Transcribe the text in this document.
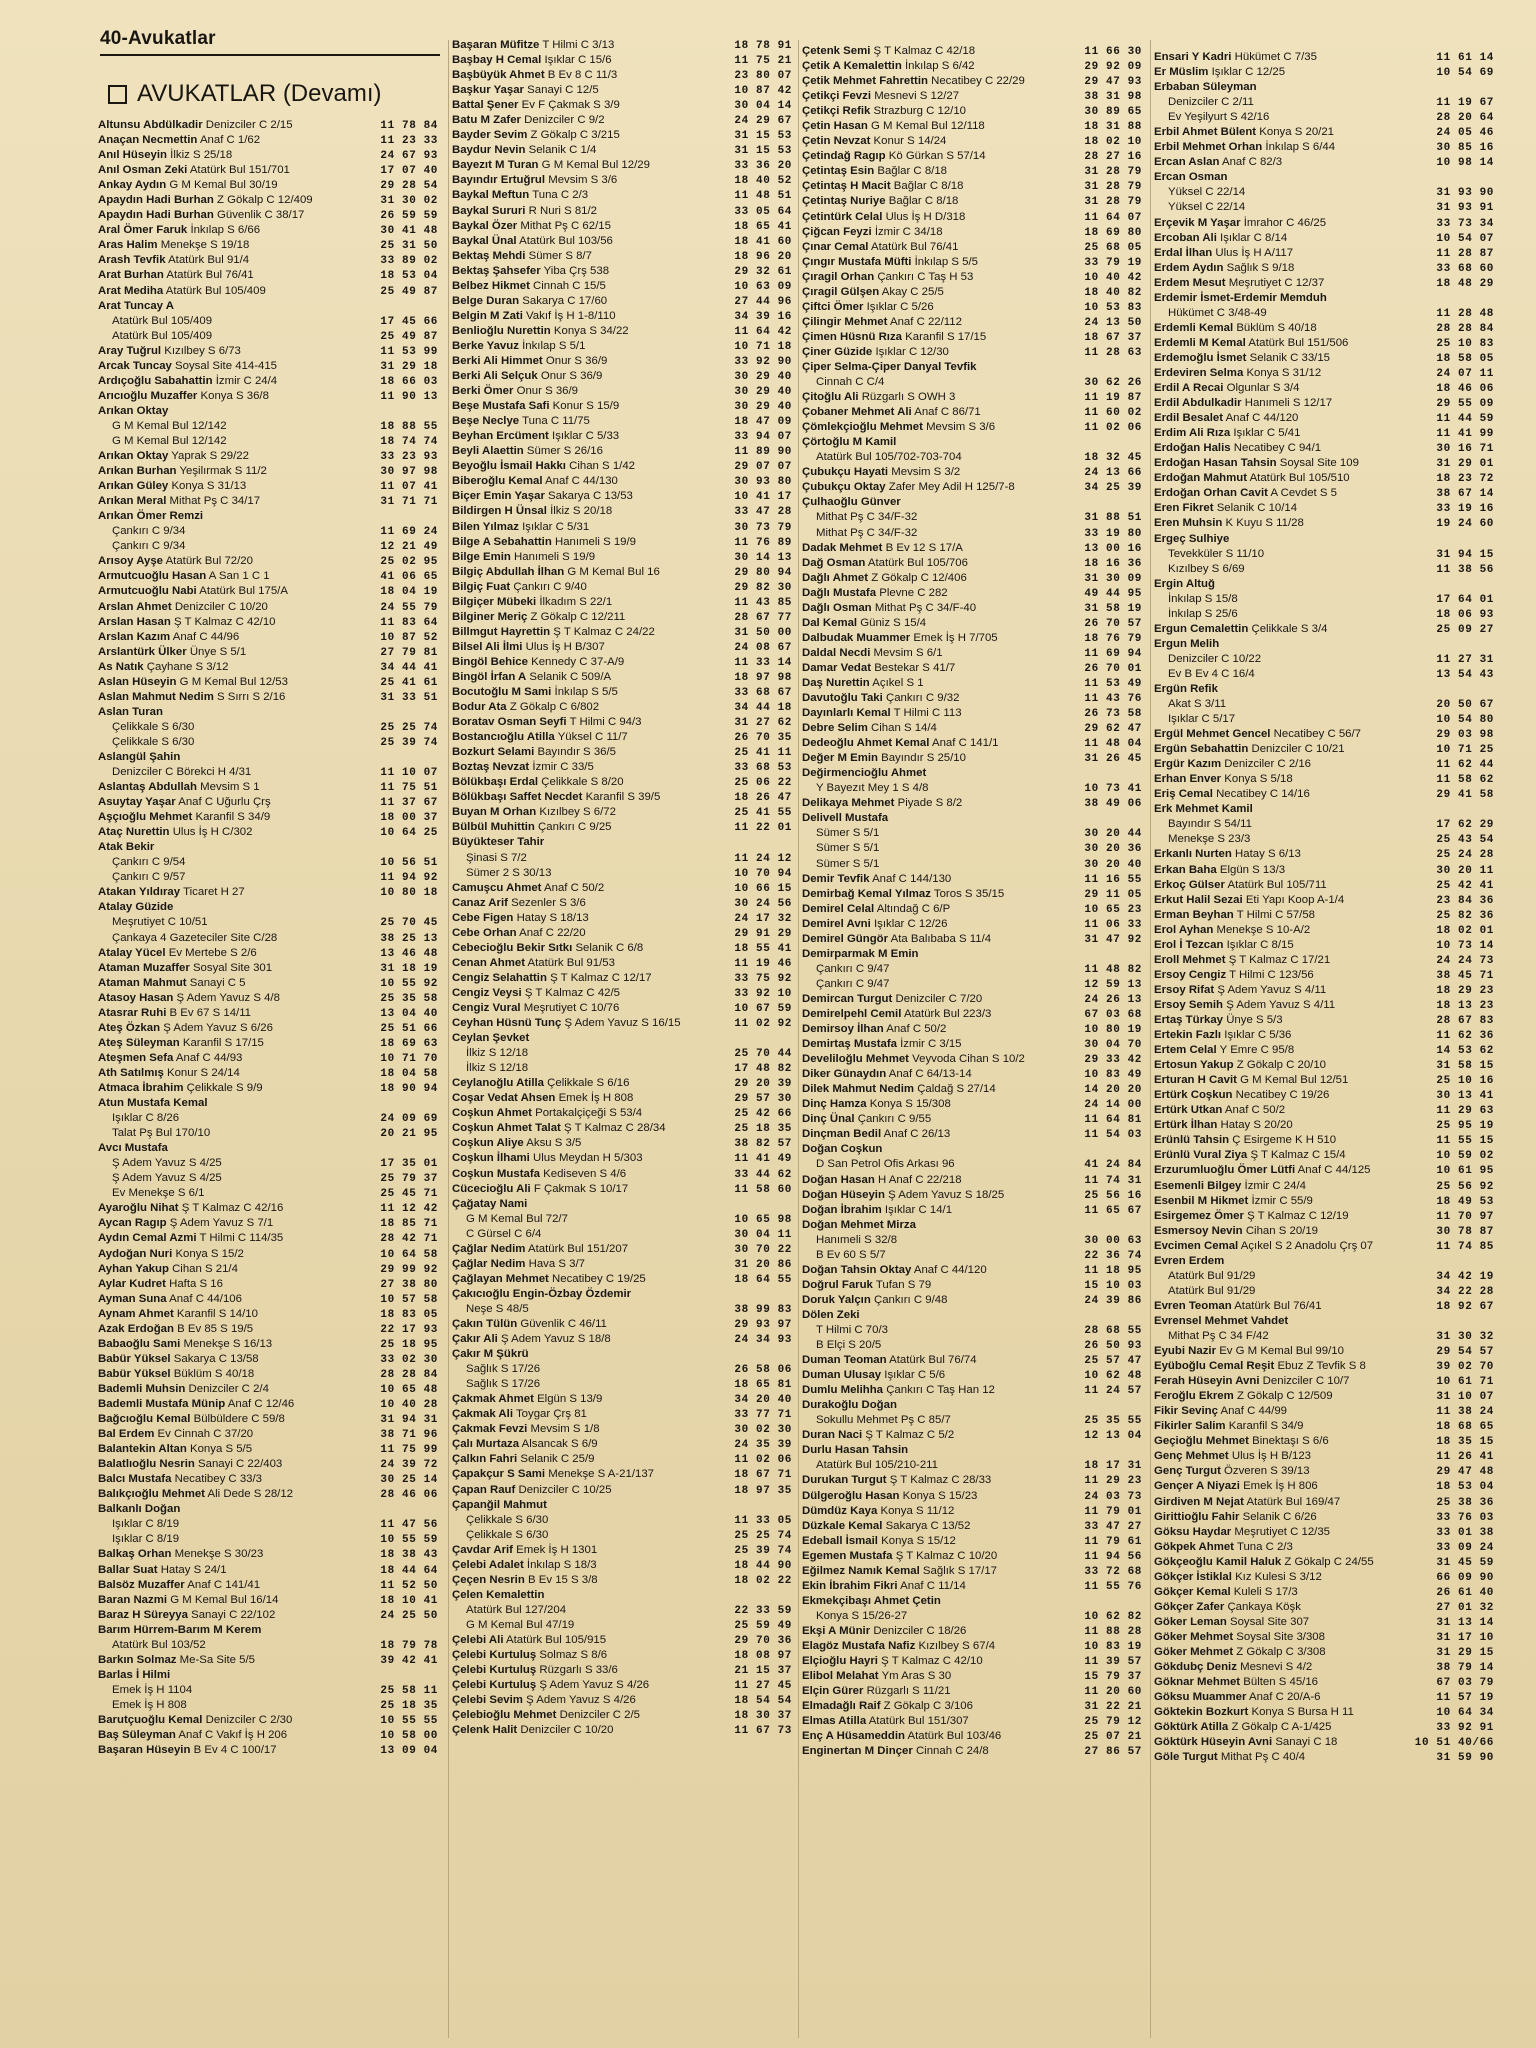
40-Avukatlar
AVUKATLAR (Devamı)
Altunsu Abdülkadir Denizciler C 2/15	11 78 84
Anaçan Necmettin Anaf C 1/62	11 23 33
Anıl Hüseyin İlkiz S 25/18	24 67 93
Anıl Osman Zeki Atatürk Bul 151/701	17 07 40
Ankay Aydın G M Kemal Bul 30/19	29 28 54
Apaydın Hadi Burhan Z Gökalp C 12/409	31 30 02
Apaydın Hadi Burhan Güvenlik C 38/17	26 59 59
Aral Ömer Faruk İnkılap S 6/66	30 41 48
Aras Halim Menekşe S 19/18	25 31 50
Arash Tevfik Atatürk Bul 91/4	33 89 02
Arat Burhan Atatürk Bul 76/41	18 53 04
Arat Mediha Atatürk Bul 105/409	25 49 87
Arat Tuncay A
Atatürk Bul 105/409	17 45 66
Atatürk Bul 105/409	25 49 87
Aray Tuğrul Kızılbey S 6/73	11 53 99
Arcak Tuncay Soysal Site 414-415	31 29 18
Ardıçoğlu Sabahattin İzmir C 24/4	18 66 03
Arıcıoğlu Muzaffer Konya S 36/8	11 90 13
Arıkan Oktay
G M Kemal Bul 12/142	18 88 55
G M Kemal Bul 12/142	18 74 74
Arıkan Oktay Yaprak S 29/22	33 23 93
Arıkan Burhan Yeşilırmak S 11/2	30 97 98
Arıkan Güley Konya S 31/13	11 07 41
Arıkan Meral Mithat Pş C 34/17	31 71 71
Arıkan Ömer Remzi
Çankırı C 9/34	11 69 24
Çankırı C 9/34	12 21 49
Arısoy Ayşe Atatürk Bul 72/20	25 02 95
Armutcuoğlu Hasan A San 1 C 1	41 06 65
Armutcuoğlu Nabi Atatürk Bul 175/A	18 04 19
Arslan Ahmet Denizciler C 10/20	24 55 79
Arslan Hasan Ş T Kalmaz C 42/10	11 83 64
Arslan Kazım Anaf C 44/96	10 87 52
Arslantürk Ülker Ünye S 5/1	27 79 81
As Natık Çayhane S 3/12	34 44 41
Aslan Hüseyin G M Kemal Bul 12/53	25 41 61
Aslan Mahmut Nedim S Sırrı S 2/16	31 33 51
Aslan Turan
Çelikkale S 6/30	25 25 74
Çelikkale S 6/30	25 39 74
Aslangül Şahin
Denizciler C Börekci H 4/31	11 10 07
Aslantaş Abdullah Mevsim S 1	11 75 51
Asuytay Yaşar Anaf C Uğurlu Çrş	11 37 67
Aşçıoğlu Mehmet Karanfil S 34/9	18 00 37
Ataç Nurettin Ulus İş H C/302	10 64 25
Atak Bekir
Çankırı C 9/54	10 56 51
Çankırı C 9/57	11 94 92
Atakan Yıldıray Ticaret H 27	10 80 18
Atalay Güzide
Meşrutiyet C 10/51	25 70 45
Çankaya 4 Gazeteciler Site C/28	38 25 13
Atalay Yücel Ev Mertebe S 2/6	13 46 48
Ataman Muzaffer Sosyal Site 301	31 18 19
Ataman Mahmut Sanayi C 5	10 55 92
Atasoy Hasan Ş Adem Yavuz S 4/8	25 35 58
Atasrar Ruhi B Ev 67 S 14/11	13 04 40
Ateş Özkan Ş Adem Yavuz S 6/26	25 51 66
Ateş Süleyman Karanfil S 17/15	18 69 63
Ateşmen Sefa Anaf C 44/93	10 71 70
Ath Satılmış Konur S 24/14	18 04 58
Atmaca İbrahim Çelikkale S 9/9	18 90 94
Atun Mustafa Kemal
Işıklar C 8/26	24 09 69
Talat Pş Bul 170/10	20 21 95
Avcı Mustafa
Ş Adem Yavuz S 4/25	17 35 01
Ş Adem Yavuz S 4/25	25 79 37
Ev Menekşe S 6/1	25 45 71
Ayaroğlu Nihat Ş T Kalmaz C 42/16	11 12 42
Aycan Ragıp Ş Adem Yavuz S 7/1	18 85 71
Aydın Cemal Azmi T Hilmi C 114/35	28 42 71
Aydoğan Nuri Konya S 15/2	10 64 58
Ayhan Yakup Cihan S 21/4	29 99 92
Aylar Kudret Hafta S 16	27 38 80
Ayman Suna Anaf C 44/106	10 57 58
Aynam Ahmet Karanfil S 14/10	18 83 05
Azak Erdoğan B Ev 85 S 19/5	22 17 93
Babaoğlu Sami Menekşe S 16/13	25 18 95
Babür Yüksel Sakarya C 13/58	33 02 30
Babür Yüksel Büklüm S 40/18	28 28 84
Bademli Muhsin Denizciler C 2/4	10 65 48
Bademli Mustafa Münip Anaf C 12/46	10 40 28
Bağcıoğlu Kemal Bülbüldere C 59/8	31 94 31
Bal Erdem Ev Cinnah C 37/20	38 71 96
Balantekin Altan Konya S 5/5	11 75 99
Balatlıoğlu Nesrin Sanayi C 22/403	24 39 72
Balcı Mustafa Necatibey C 33/3	30 25 14
Balıkçıoğlu Mehmet Ali Dede S 28/12	28 46 06
Balkanlı Doğan
Işıklar C 8/19	11 47 56
Işıklar C 8/19	10 55 59
Balkaş Orhan Menekşe S 30/23	18 38 43
Ballar Suat Hatay S 24/1	18 44 64
Balsöz Muzaffer Anaf C 141/41	11 52 50
Baran Nazmi G M Kemal Bul 16/14	18 10 41
Baraz H Süreyya Sanayi C 22/102	24 25 50
Barım Hürrem-Barım M Kerem
Atatürk Bul 103/52	18 79 78
Barkın Solmaz Me-Sa Site 5/5	39 42 41
Barlas İ Hilmi
Emek İş H 1104	25 58 11
Emek İş H 808	25 18 35
Barutçuoğlu Kemal Denizciler C 2/30	10 55 55
Baş Süleyman Anaf C Vakıf İş H 206	10 58 00
Başaran Hüseyin B Ev 4 C 100/17	13 09 04
Başaran Müfitze T Hilmi C 3/13	18 78 91
Başbay H Cemal Işıklar C 15/6	11 75 21
Başbüyük Ahmet B Ev 8 C 11/3	23 80 07
Başkur Yaşar Sanayi C 12/5	10 87 42
Battal Şener Ev F Çakmak S 3/9	30 04 14
Batu M Zafer Denizciler C 9/2	24 29 67
Bayder Sevim Z Gökalp C 3/215	31 15 53
Baydur Nevin Selanik C 1/4	31 15 53
Bayezıt M Turan G M Kemal Bul 12/29	33 36 20
Bayındır Ertuğrul Mevsim S 3/6	18 40 52
Baykal Meftun Tuna C 2/3	11 48 51
Baykal Sururi R Nuri S 81/2	33 05 64
Baykal Özer Mithat Pş C 62/15	18 65 41
Baykal Ünal Atatürk Bul 103/56	18 41 60
Bektaş Mehdi Sümer S 8/7	18 96 20
Bektaş Şahsefer Yiba Çrş 538	29 32 61
Belbez Hikmet Cinnah C 15/5	10 63 09
Belge Duran Sakarya C 17/60	27 44 96
Belgin M Zati Vakıf İş H 1-8/110	34 39 16
Benlioğlu Nurettin Konya S 34/22	11 64 42
Berke Yavuz İnkılap S 5/1	10 71 18
Berki Ali Himmet Onur S 36/9	33 92 90
Berki Ali Selçuk Onur S 36/9	30 29 40
Berki Ömer Onur S 36/9	30 29 40
Beşe Mustafa Safi Konur S 15/9	30 29 40
Beşe Neclye Tuna C 11/75	18 47 09
Beyhan Ercüment Işıklar C 5/33	33 94 07
Beyli Alaettin Sümer S 26/16	11 89 90
Beyoğlu İsmail Hakkı Cihan S 1/42	29 07 07
Biberoğlu Kemal Anaf C 44/130	30 93 80
Biçer Emin Yaşar Sakarya C 13/53	10 41 17
Bildirgen H Ünsal İlkiz S 20/18	33 47 28
Bilen Yılmaz Işıklar C 5/31	30 73 79
Bilge A Sebahattin Hanımeli S 19/9	11 76 89
Bilge Emin Hanımeli S 19/9	30 14 13
Bilgiç Abdullah İlhan G M Kemal Bul 16	29 80 94
Bilgiç Fuat Çankırı C 9/40	29 82 30
Bilgiçer Mübeki İlkadım S 22/1	11 43 85
Bilginer Meriç Z Gökalp C 12/211	28 67 77
Billmgut Hayrettin Ş T Kalmaz C 24/22	31 50 00
Bilsel Ali İlmi Ulus İş H B/307	24 08 67
Bingöl Behice Kennedy C 37-A/9	11 33 14
Bingöl İrfan A Selanik C 509/A	18 97 98
Bocutoğlu M Sami İnkılap S 5/5	33 68 67
Bodur Ata Z Gökalp C 6/802	34 44 18
Boratav Osman Seyfi T Hilmi C 94/3	31 27 62
Bostancıoğlu Atilla Yüksel C 11/7	26 70 35
Bozkurt Selami Bayındır S 36/5	25 41 11
Boztaş Nevzat İzmir C 33/5	33 68 53
Bölükbaşı Erdal Çelikkale S 8/20	25 06 22
Bölükbaşı Saffet Necdet Karanfil S 39/5	18 26 47
Buyan M Orhan Kızılbey S 6/72	25 41 55
Bülbül Muhittin Çankırı C 9/25	11 22 01
Büyükteser Tahir
Şinasi S 7/2	11 24 12
Sümer 2 S 30/13	10 70 94
Camuşcu Ahmet Anaf C 50/2	10 66 15
Canaz Arif Sezenler S 3/6	30 24 56
Cebe Figen Hatay S 18/13	24 17 32
Cebe Orhan Anaf C 22/20	29 91 29
Cebecioğlu Bekir Sıtkı Selanik C 6/8	18 55 41
Cenan Ahmet Atatürk Bul 91/53	11 19 46
Cengiz Selahattin Ş T Kalmaz C 12/17	33 75 92
Cengiz Veysi Ş T Kalmaz C 42/5	33 92 10
Cengiz Vural Meşrutiyet C 10/76	10 67 59
Ceyhan Hüsnü Tunç Ş Adem Yavuz S 16/15	11 02 92
Ceylan Şevket
İlkiz S 12/18	25 70 44
İlkiz S 12/18	17 48 82
Ceylanoğlu Atilla Çelikkale S 6/16	29 20 39
Coşar Vedat Ahsen Emek İş H 808	29 57 30
Coşkun Ahmet Portakalçiçeği S 53/4	25 42 66
Coşkun Ahmet Talat Ş T Kalmaz C 28/34	25 18 35
Coşkun Aliye Aksu S 3/5	38 82 57
Coşkun İlhami Ulus Meydan H 5/303	11 41 49
Coşkun Mustafa Kediseven S 4/6	33 44 62
Cücecioğlu Ali F Çakmak S 10/17	11 58 60
Çağatay Nami
G M Kemal Bul 72/7	10 65 98
C Gürsel C 6/4	30 04 11
Çağlar Nedim Atatürk Bul 151/207	30 70 22
Çağlar Nedim Hava S 3/7	31 20 86
Çağlayan Mehmet Necatibey C 19/25	18 64 55
Çakıcıoğlu Engin-Özbay Özdemir
Neşe S 48/5	38 99 83
Çakın Tülün Güvenlik C 46/11	29 93 97
Çakır Ali Ş Adem Yavuz S 18/8	24 34 93
Çakır M Şükrü
Sağlık S 17/26	26 58 06
Sağlık S 17/26	18 65 81
Çakmak Ahmet Elgün S 13/9	34 20 40
Çakmak Ali Toygar Çrş 81	33 77 71
Çakmak Fevzi Mevsim S 1/8	30 02 30
Çalı Murtaza Alsancak S 6/9	24 35 39
Çalkın Fahri Selanik C 25/9	11 02 06
Çapakçur S Sami Menekşe S A-21/137	18 67 71
Çapan Rauf Denizciler C 10/25	18 97 35
Çapanğil Mahmut
Çelikkale S 6/30	11 33 05
Çelikkale S 6/30	25 25 74
Çavdar Arif Emek İş H 1301	25 39 74
Çelebi Adalet İnkılap S 18/3	18 44 90
Çeçen Nesrin B Ev 15 S 3/8	18 02 22
Çelen Kemalettin
Atatürk Bul 127/204	22 33 59
G M Kemal Bul 47/19	25 59 49
Çelebi Ali Atatürk Bul 105/915	29 70 36
Çelebi Kurtuluş Solmaz S 8/6	18 08 97
Çelebi Kurtuluş Rüzgarlı S 33/6	21 15 37
Çelebi Kurtuluş Ş Adem Yavuz S 4/26	11 27 45
Çelebi Sevim Ş Adem Yavuz S 4/26	18 54 54
Çelebioğlu Mehmet Denizciler C 2/5	18 30 37
Çelenk Halit Denizciler C 10/20	11 67 73
Çetenk Semi Ş T Kalmaz C 42/18	11 66 30
Çetik A Kemalettin İnkılap S 6/42	29 92 09
Çetik Mehmet Fahrettin Necatibey C 22/29	29 47 93
Çetikçi Fevzi Mesnevi S 12/27	38 31 98
Çetikçi Refik Strazburg C 12/10	30 89 65
Çetin Hasan G M Kemal Bul 12/118	18 31 88
Çetin Nevzat Konur S 14/24	18 02 10
Çetindağ Ragıp Kö Gürkan S 57/14	28 27 16
Çetintaş Esin Bağlar C 8/18	31 28 79
Çetintaş H Macit Bağlar C 8/18	31 28 79
Çetintaş Nuriye Bağlar C 8/18	31 28 79
Çetintürk Celal Ulus İş H D/318	11 64 07
Çiğcan Feyzi İzmir C 34/18	18 69 80
Çınar Cemal Atatürk Bul 76/41	25 68 05
Çıngır Mustafa Müfti İnkılap S 5/5	33 79 19
Çıragil Orhan Çankırı C Taş H 53	10 40 42
Çıragil Gülşen Akay C 25/5	18 40 82
Çiftci Ömer Işıklar C 5/26	10 53 83
Çilingir Mehmet Anaf C 22/112	24 13 50
Çimen Hüsnü Rıza Karanfil S 17/15	18 67 37
Çiner Güzide Işıklar C 12/30	11 28 63
Çiper Selma-Çiper Danyal Tevfik
Cinnah C C/4	30 62 26
Çitoğlu Ali Rüzgarlı S OWH 3	11 19 87
Çobaner Mehmet Ali Anaf C 86/71	11 60 02
Çömlekçioğlu Mehmet Mevsim S 3/6	11 02 06
Çörtoğlu M Kamil
Atatürk Bul 105/702-703-704	18 32 45
Çubukçu Hayati Mevsim S 3/2	24 13 66
Çubukçu Oktay Zafer Mey Adil H 125/7-8	34 25 39
Çulhaoğlu Günver
Mithat Pş C 34/F-32	31 88 51
Mithat Pş C 34/F-32	33 19 80
Dadak Mehmet B Ev 12 S 17/A	13 00 16
Dağ Osman Atatürk Bul 105/706	18 16 36
Dağlı Ahmet Z Gökalp C 12/406	31 30 09
Dağlı Mustafa Plevne C 282	49 44 95
Dağlı Osman Mithat Pş C 34/F-40	31 58 19
Dal Kemal Güniz S 15/4	26 70 57
Dalbudak Muammer Emek İş H 7/705	18 76 79
Daldal Necdi Mevsim S 6/1	11 69 94
Damar Vedat Bestekar S 41/7	26 70 01
Daş Nurettin Açıkel S 1	11 53 49
Davutoğlu Taki Çankırı C 9/32	11 43 76
Dayınlarlı Kemal T Hilmi C 113	26 73 58
Debre Selim Cihan S 14/4	29 62 47
Dedeoğlu Ahmet Kemal Anaf C 141/1	11 48 04
Değer M Emin Bayındır S 25/10	31 26 45
Değirmencioğlu Ahmet
Y Bayezıt Mey 1 S 4/8	10 73 41
Delikaya Mehmet Piyade S 8/2	38 49 06
Delivell Mustafa
Sümer S 5/1	30 20 44
Sümer S 5/1	30 20 36
Sümer S 5/1	30 20 40
Demir Tevfik Anaf C 144/130	11 16 55
Demirbağ Kemal Yılmaz Toros S 35/15	29 11 05
Demirel Celal Altındağ C 6/P	10 65 23
Demirel Avni Işıklar C 12/26	11 06 33
Demirel Güngör Ata Balıbaba S 11/4	31 47 92
Demirparmak M Emin
Çankırı C 9/47	11 48 82
Çankırı C 9/47	12 59 13
Demircan Turgut Denizciler C 7/20	24 26 13
Demirelpehl Cemil Atatürk Bul 223/3	67 03 68
Demirsoy İlhan Anaf C 50/2	10 80 19
Demirtaş Mustafa İzmir C 3/15	30 04 70
Develiloğlu Mehmet Veyvoda Cihan S 10/2	29 33 42
Diker Günaydın Anaf C 64/13-14	10 83 49
Dilek Mahmut Nedim Çaldağ S 27/14	14 20 20
Dinç Hamza Konya S 15/308	24 14 00
Dinç Ünal Çankırı C 9/55	11 64 81
Dinçman Bedil Anaf C 26/13	11 54 03
Doğan Coşkun
D San Petrol Ofis Arkası 96	41 24 84
Doğan Hasan H Anaf C 22/218	11 74 31
Doğan Hüseyin Ş Adem Yavuz S 18/25	25 56 16
Doğan İbrahim Işıklar C 14/1	11 65 67
Doğan Mehmet Mirza
Hanımeli S 32/8	30 00 63
B Ev 60 S 5/7	22 36 74
Doğan Tahsin Oktay Anaf C 44/120	11 18 95
Doğrul Faruk Tufan S 79	15 10 03
Doruk Yalçın Çankırı C 9/48	24 39 86
Dölen Zeki
T Hilmi C 70/3	28 68 55
B Elçi S 20/5	26 50 93
Duman Teoman Atatürk Bul 76/74	25 57 47
Duman Ulusay Işıklar C 5/6	10 62 48
Dumlu Melihha Çankırı C Taş Han 12	11 24 57
Durakoğlu Doğan
Sokullu Mehmet Pş C 85/7	25 35 55
Duran Naci Ş T Kalmaz C 5/2	12 13 04
Durlu Hasan Tahsin
Atatürk Bul 105/210-211	18 17 31
Durukan Turgut Ş T Kalmaz C 28/33	11 29 23
Dülgeroğlu Hasan Konya S 15/23	24 03 73
Dümdüz Kaya Konya S 11/12	11 79 01
Düzkale Kemal Sakarya C 13/52	33 47 27
Edeball İsmail Konya S 15/12	11 79 61
Egemen Mustafa Ş T Kalmaz C 10/20	11 94 56
Eğilmez Namık Kemal Sağlık S 17/17	33 72 68
Ekin İbrahim Fikri Anaf C 11/14	11 55 76
Ekmekçibaşı Ahmet Çetin
Konya S 15/26-27	10 62 82
Ekşi A Münir Denizciler C 18/26	11 88 28
Elagöz Mustafa Nafiz Kızılbey S 67/4	10 83 19
Elçioğlu Hayri Ş T Kalmaz C 42/10	11 39 57
Elibol Melahat Ym Aras S 30	15 79 37
Elçin Gürer Rüzgarlı S 11/21	11 20 60
Elmadağlı Raif Z Gökalp C 3/106	31 22 21
Elmas Atilla Atatürk Bul 151/307	25 79 12
Enç A Hüsameddin Atatürk Bul 103/46	25 07 21
Enginertan M Dinçer Cinnah C 24/8	27 86 57
Ensari Y Kadri Hükümet C 7/35	11 61 14
Er Müslim Işıklar C 12/25	10 54 69
Erbaban Süleyman
Denizciler C 2/11	11 19 67
Ev Yeşilyurt S 42/16	28 20 64
Erbil Ahmet Bülent Konya S 20/21	24 05 46
Erbil Mehmet Orhan İnkılap S 6/44	30 85 16
Ercan Aslan Anaf C 82/3	10 98 14
Ercan Osman
Yüksel C 22/14	31 93 90
Yüksel C 22/14	31 93 91
Erçevik M Yaşar İmrahor C 46/25	33 73 34
Ercoban Ali Işıklar C 8/14	10 54 07
Erdal İlhan Ulus İş H A/117	11 28 87
Erdem Aydın Sağlık S 9/18	33 68 60
Erdem Mesut Meşrutiyet C 12/37	18 48 29
Erdemir İsmet-Erdemir Memduh
Hükümet C 3/48-49	11 28 48
Erdemli Kemal Büklüm S 40/18	28 28 84
Erdemli M Kemal Atatürk Bul 151/506	25 10 83
Erdemoğlu İsmet Selanik C 33/15	18 58 05
Erdeviren Selma Konya S 31/12	24 07 11
Erdil A Recai Olgunlar S 3/4	18 46 06
Erdil Abdulkadir Hanımeli S 12/17	29 55 09
Erdil Besalet Anaf C 44/120	11 44 59
Erdim Ali Rıza Işıklar C 5/41	11 41 99
Erdoğan Halis Necatibey C 94/1	30 16 71
Erdoğan Hasan Tahsin Soysal Site 109	31 29 01
Erdoğan Mahmut Atatürk Bul 105/510	18 23 72
Erdoğan Orhan Cavit A Cevdet S 5	38 67 14
Eren Fikret Selanik C 10/14	33 19 16
Eren Muhsin K Kuyu S 11/28	19 24 60
Ergeç Sulhiye
Tevekküler S 11/10	31 94 15
Kızılbey S 6/69	11 38 56
Ergin Altuğ
İnkılap S 15/8	17 64 01
İnkılap S 25/6	18 06 93
Ergun Cemalettin Çelikkale S 3/4	25 09 27
Ergun Melih
Denizciler C 10/22	11 27 31
Ev B Ev 4 C 16/4	13 54 43
Ergün Refik
Akat S 3/11	20 50 67
Işıklar C 5/17	10 54 80
Ergül Mehmet Gencel Necatibey C 56/7	29 03 98
Ergün Sebahattin Denizciler C 10/21	10 71 25
Ergür Kazım Denizciler C 2/16	11 62 44
Erhan Enver Konya S 5/18	11 58 62
Eriş Cemal Necatibey C 14/16	29 41 58
Erk Mehmet Kamil
Bayındır S 54/11	17 62 29
Menekşe S 23/3	25 43 54
Erkanlı Nurten Hatay S 6/13	25 24 28
Erkan Baha Elgün S 13/3	30 20 11
Erkoç Gülser Atatürk Bul 105/711	25 42 41
Erkut Halil Sezai Eti Yapı Koop A-1/4	23 84 36
Erman Beyhan T Hilmi C 57/58	25 82 36
Erol Ayhan Menekşe S 10-A/2	18 02 01
Erol İ Tezcan Işıklar C 8/15	10 73 14
Eroll Mehmet Ş T Kalmaz C 17/21	24 24 73
Ersoy Cengiz T Hilmi C 123/56	38 45 71
Ersoy Rifat Ş Adem Yavuz S 4/11	18 29 23
Ersoy Semih Ş Adem Yavuz S 4/11	18 13 23
Ertaş Türkay Ünye S 5/3	28 67 83
Ertekin Fazlı Işıklar C 5/36	11 62 36
Ertem Celal Y Emre C 95/8	14 53 62
Ertosun Yakup Z Gökalp C 20/10	31 58 15
Erturan H Cavit G M Kemal Bul 12/51	25 10 16
Ertürk Coşkun Necatibey C 19/26	30 13 41
Ertürk Utkan Anaf C 50/2	11 29 63
Ertürk İlhan Hatay S 20/20	25 95 19
Erünlü Tahsin Ç Esirgeme K H 510	11 55 15
Erünlü Vural Ziya Ş T Kalmaz C 15/4	10 59 02
Erzurumluoğlu Ömer Lütfi Anaf C 44/125	10 61 95
Esemenli Bilgey İzmir C 24/4	25 56 92
Esenbil M Hikmet İzmir C 55/9	18 49 53
Esirgemez Ömer Ş T Kalmaz C 12/19	11 70 97
Esmersoy Nevin Cihan S 20/19	30 78 87
Evcimen Cemal Açıkel S 2 Anadolu Çrş 07	11 74 85
Evren Erdem
Atatürk Bul 91/29	34 42 19
Atatürk Bul 91/29	34 22 28
Evren Teoman Atatürk Bul 76/41	18 92 67
Evrensel Mehmet Vahdet
Mithat Pş C 34 F/42	31 30 32
Eyubi Nazir Ev G M Kemal Bul 99/10	29 54 57
Eyüboğlu Cemal Reşit Ebuz Z Tevfik S 8	39 02 70
Ferah Hüseyin Avni Denizciler C 10/7	10 61 71
Feroğlu Ekrem Z Gökalp C 12/509	31 10 07
Fikir Sevinç Anaf C 44/99	11 38 24
Fikirler Salim Karanfil S 34/9	18 68 65
Geçioğlu Mehmet Binektaşı S 6/6	18 35 15
Genç Mehmet Ulus İş H B/123	11 26 41
Genç Turgut Özveren S 39/13	29 47 48
Gençer A Niyazi Emek İş H 806	18 53 04
Girdiven M Nejat Atatürk Bul 169/47	25 38 36
Girittioğlu Fahir Selanik C 6/26	33 76 03
Göksu Haydar Meşrutiyet C 12/35	33 01 38
Gökpek Ahmet Tuna C 2/3	33 09 24
Gökçeoğlu Kamil Haluk Z Gökalp C 24/55	31 45 59
Gökçer İstiklal Kız Kulesi S 3/12	66 09 90
Gökçer Kemal Kuleli S 17/3	26 61 40
Gökçer Zafer Çankaya Köşk	27 01 32
Göker Leman Soysal Site 307	31 13 14
Göker Mehmet Soysal Site 3/308	31 17 10
Göker Mehmet Z Gökalp C 3/308	31 29 15
Gökdubç Deniz Mesnevi S 4/2	38 79 14
Göknar Mehmet Bülten S 45/16	67 03 79
Göksu Muammer Anaf C 20/A-6	11 57 19
Göktekin Bozkurt Konya S Bursa H 11	10 64 34
Göktürk Atilla Z Gökalp C A-1/425	33 92 91
Göktürk Hüseyin Avni Sanayi C 18	10 51 40/66
Göle Turgut Mithat Pş C 40/4	31 59 90
